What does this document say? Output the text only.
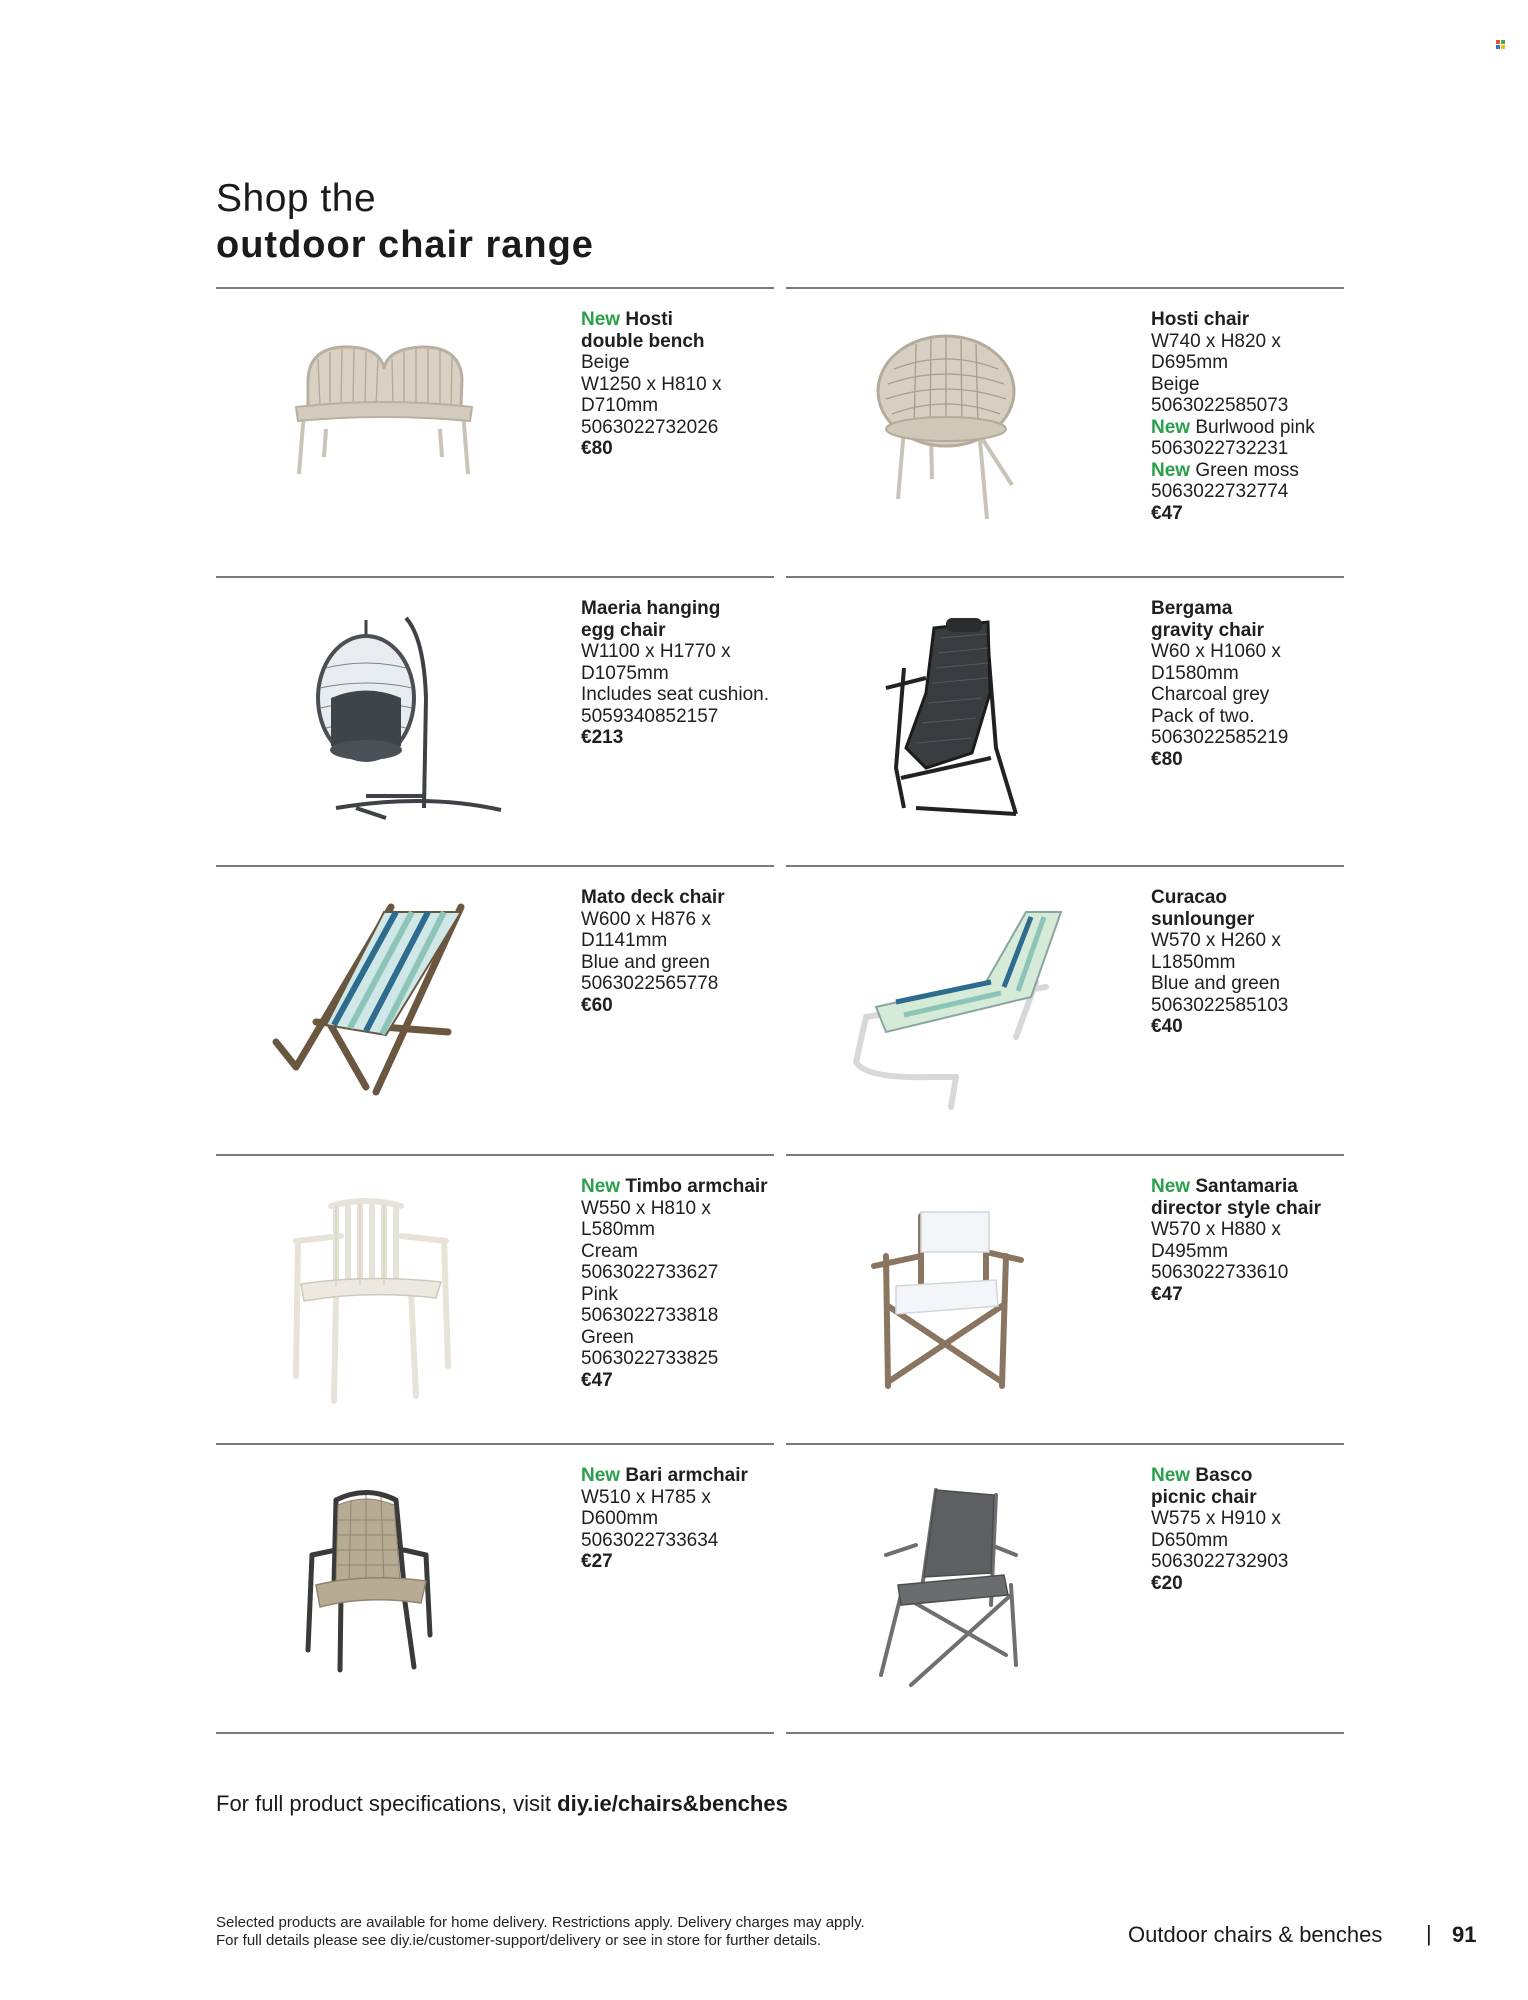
Shop the
outdoor chair range
New Hosti
double bench
Beige
W1250 x H810 x
D710mm
5063022732026
€80
Hosti chair
W740 x H820 x
D695mm
Beige
5063022585073
New Burlwood pink
5063022732231
New Green moss
5063022732774
€47
Maeria hanging
egg chair
W1100 x H1770 x
D1075mm
Includes seat cushion.
5059340852157
€213
Bergama
gravity chair
W60 x H1060 x
D1580mm
Charcoal grey
Pack of two.
5063022585219
€80
Mato deck chair
W600 x H876 x
D1141mm
Blue and green
5063022565778
€60
Curacao
sunlounger
W570 x H260 x
L1850mm
Blue and green
5063022585103
€40
New Timbo armchair
W550 x H810 x
L580mm
Cream
5063022733627
Pink
5063022733818
Green
5063022733825
€47
New Santamaria
director style chair
W570 x H880 x
D495mm
5063022733610
€47
New Bari armchair
W510 x H785 x
D600mm
5063022733634
€27
New Basco
picnic chair
W575 x H910 x
D650mm
5063022732903
€20
For full product specifications, visit diy.ie/chairs&benches
Selected products are available for home delivery. Restrictions apply. Delivery charges may apply.
For full details please see diy.ie/customer-support/delivery or see in store for further details.	Outdoor chairs & benches | 91
